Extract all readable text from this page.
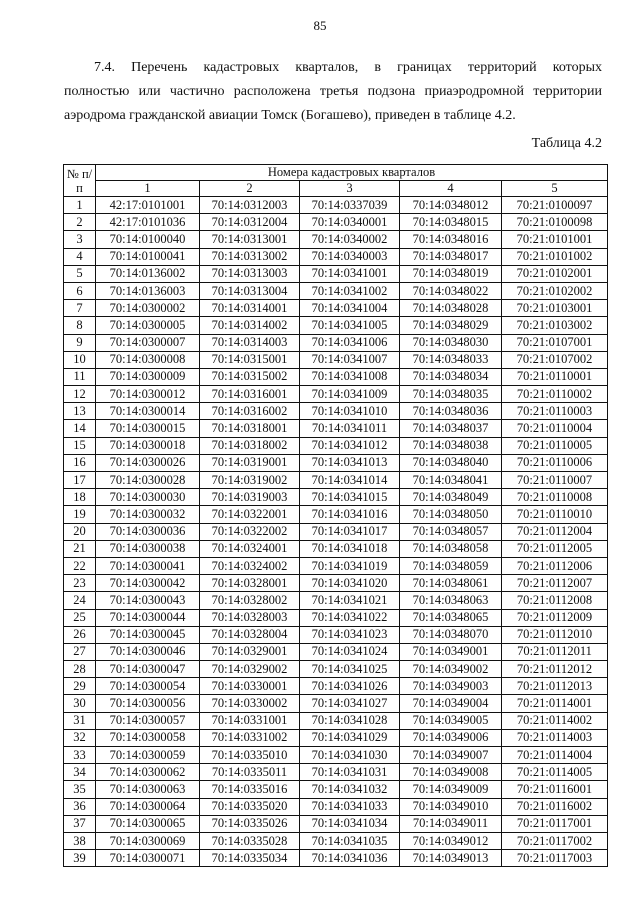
85

7.4. Перечень кадастровых кварталов, в границах территорий которых
полностью или частично расположена третья подзона приаэродромной территории
аэродрома гражданской авиации Томск (Богашево), приведен в таблице 4.2.

Таблица 4.2
№ п/п	Номера кадастровых кварталов				
	1	2	3	4	5
1	42:17:0101001	70:14:0312003	70:14:0337039	70:14:0348012	70:21:0100097
2	42:17:0101036	70:14:0312004	70:14:0340001	70:14:0348015	70:21:0100098
3	70:14:0100040	70:14:0313001	70:14:0340002	70:14:0348016	70:21:0101001
4	70:14:0100041	70:14:0313002	70:14:0340003	70:14:0348017	70:21:0101002
5	70:14:0136002	70:14:0313003	70:14:0341001	70:14:0348019	70:21:0102001
6	70:14:0136003	70:14:0313004	70:14:0341002	70:14:0348022	70:21:0102002
7	70:14:0300002	70:14:0314001	70:14:0341004	70:14:0348028	70:21:0103001
8	70:14:0300005	70:14:0314002	70:14:0341005	70:14:0348029	70:21:0103002
9	70:14:0300007	70:14:0314003	70:14:0341006	70:14:0348030	70:21:0107001
10	70:14:0300008	70:14:0315001	70:14:0341007	70:14:0348033	70:21:0107002
11	70:14:0300009	70:14:0315002	70:14:0341008	70:14:0348034	70:21:0110001
12	70:14:0300012	70:14:0316001	70:14:0341009	70:14:0348035	70:21:0110002
13	70:14:0300014	70:14:0316002	70:14:0341010	70:14:0348036	70:21:0110003
14	70:14:0300015	70:14:0318001	70:14:0341011	70:14:0348037	70:21:0110004
15	70:14:0300018	70:14:0318002	70:14:0341012	70:14:0348038	70:21:0110005
16	70:14:0300026	70:14:0319001	70:14:0341013	70:14:0348040	70:21:0110006
17	70:14:0300028	70:14:0319002	70:14:0341014	70:14:0348041	70:21:0110007
18	70:14:0300030	70:14:0319003	70:14:0341015	70:14:0348049	70:21:0110008
19	70:14:0300032	70:14:0322001	70:14:0341016	70:14:0348050	70:21:0110010
20	70:14:0300036	70:14:0322002	70:14:0341017	70:14:0348057	70:21:0112004
21	70:14:0300038	70:14:0324001	70:14:0341018	70:14:0348058	70:21:0112005
22	70:14:0300041	70:14:0324002	70:14:0341019	70:14:0348059	70:21:0112006
23	70:14:0300042	70:14:0328001	70:14:0341020	70:14:0348061	70:21:0112007
24	70:14:0300043	70:14:0328002	70:14:0341021	70:14:0348063	70:21:0112008
25	70:14:0300044	70:14:0328003	70:14:0341022	70:14:0348065	70:21:0112009
26	70:14:0300045	70:14:0328004	70:14:0341023	70:14:0348070	70:21:0112010
27	70:14:0300046	70:14:0329001	70:14:0341024	70:14:0349001	70:21:0112011
28	70:14:0300047	70:14:0329002	70:14:0341025	70:14:0349002	70:21:0112012
29	70:14:0300054	70:14:0330001	70:14:0341026	70:14:0349003	70:21:0112013
30	70:14:0300056	70:14:0330002	70:14:0341027	70:14:0349004	70:21:0114001
31	70:14:0300057	70:14:0331001	70:14:0341028	70:14:0349005	70:21:0114002
32	70:14:0300058	70:14:0331002	70:14:0341029	70:14:0349006	70:21:0114003
33	70:14:0300059	70:14:0335010	70:14:0341030	70:14:0349007	70:21:0114004
34	70:14:0300062	70:14:0335011	70:14:0341031	70:14:0349008	70:21:0114005
35	70:14:0300063	70:14:0335016	70:14:0341032	70:14:0349009	70:21:0116001
36	70:14:0300064	70:14:0335020	70:14:0341033	70:14:0349010	70:21:0116002
37	70:14:0300065	70:14:0335026	70:14:0341034	70:14:0349011	70:21:0117001
38	70:14:0300069	70:14:0335028	70:14:0341035	70:14:0349012	70:21:0117002
39	70:14:0300071	70:14:0335034	70:14:0341036	70:14:0349013	70:21:0117003
